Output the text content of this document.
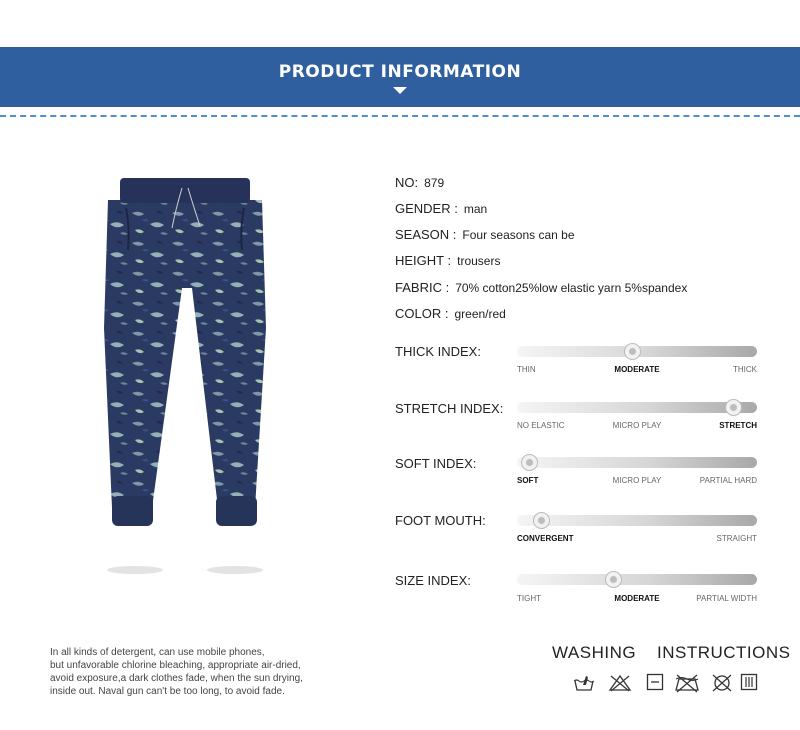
PRODUCT INFORMATION
NO: 879
GENDER : man
SEASON : Four seasons can be
HEIGHT : trousers
FABRIC : 70% cotton25%low elastic yarn 5%spandex
COLOR : green/red
THICK INDEX:
THIN	MODERATE	THICK
STRETCH INDEX:
NO ELASTIC	MICRO PLAY	STRETCH
SOFT INDEX:
SOFT	MICRO PLAY	PARTIAL HARD
FOOT MOUTH:
CONVERGENT	STRAIGHT
SIZE INDEX:
TIGHT	MODERATE	PARTIAL WIDTH
In all kinds of detergent, can use mobile phones,
but unfavorable chlorine bleaching, appropriate air-dried,
avoid exposure,a dark clothes fade, when the sun drying,
inside out. Naval gun can't be too long, to avoid fade.
WASHING    INSTRUCTIONS
